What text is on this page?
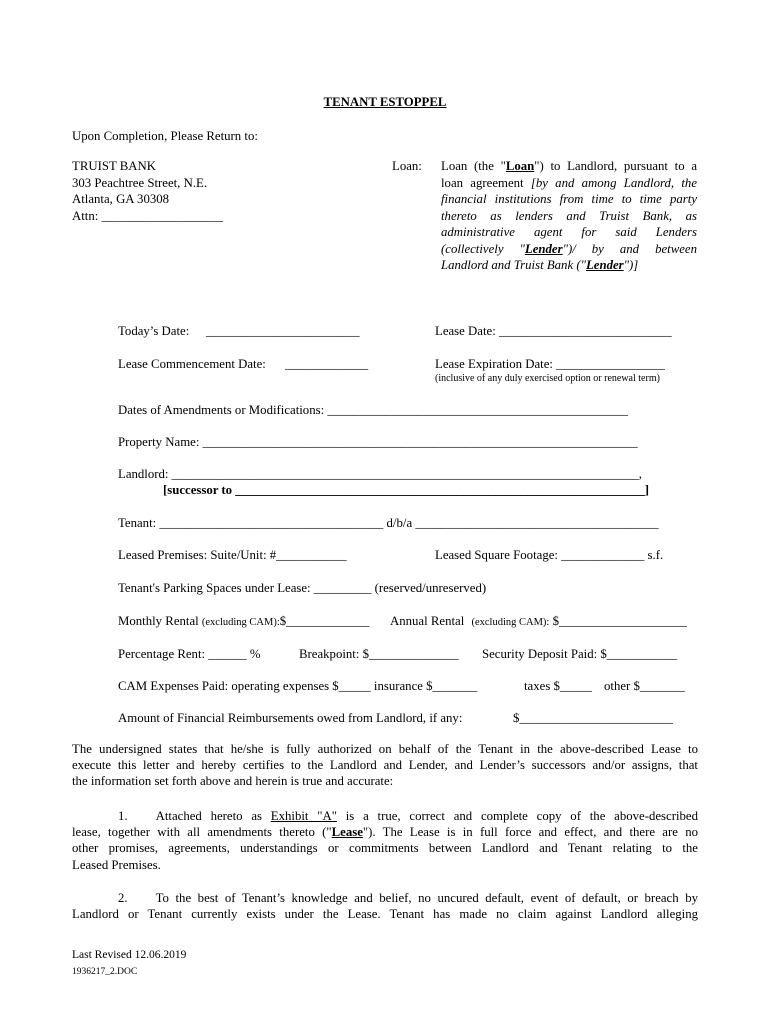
TENANT ESTOPPEL
Upon Completion, Please Return to:
TRUIST BANK
303 Peachtree Street, N.E.
Atlanta, GA 30308
Attn: ___________________
Loan: Loan (the "Loan") to Landlord, pursuant to a
loan agreement [by and among Landlord, the
financial institutions from time to time party
thereto as lenders and Truist Bank, as
administrative agent for said Lenders
(collectively "Lender")/ by and between
Landlord and Truist Bank ("Lender")]
Today’s Date: ________________________	Lease Date: ___________________________
Lease Commencement Date: _____________	Lease Expiration Date: _________________
(inclusive of any duly exercised option or renewal term)
Dates of Amendments or Modifications: _______________________________________________
Property Name: ____________________________________________________________________
Landlord: _________________________________________________________________________,
[successor to ________________________________________________________________]
Tenant: ___________________________________ d/b/a ______________________________________
Leased Premises: Suite/Unit: #___________	Leased Square Footage: _____________ s.f.
Tenant's Parking Spaces under Lease: _________ (reserved/unreserved)
Monthly Rental (excluding CAM):$_____________ Annual Rental (excluding CAM): $____________________
Percentage Rent: ______ %	Breakpoint: $______________ Security Deposit Paid: $___________
CAM Expenses Paid: operating expenses $_____ insurance $_______	taxes $_____ other $_______
Amount of Financial Reimbursements owed from Landlord, if any:	$________________________
The undersigned states that he/she is fully authorized on behalf of the Tenant in the above-described Lease to
execute this letter and hereby certifies to the Landlord and Lender, and Lender’s successors and/or assigns, that
the information set forth above and herein is true and accurate:
1. Attached hereto as Exhibit "A" is a true, correct and complete copy of the above-described
lease, together with all amendments thereto ("Lease"). The Lease is in full force and effect, and there are no
other promises, agreements, understandings or commitments between Landlord and Tenant relating to the
Leased Premises.
2. To the best of Tenant’s knowledge and belief, no uncured default, event of default, or breach by
Landlord or Tenant currently exists under the Lease. Tenant has made no claim against Landlord alleging
Last Revised 12.06.2019
1936217_2.DOC
